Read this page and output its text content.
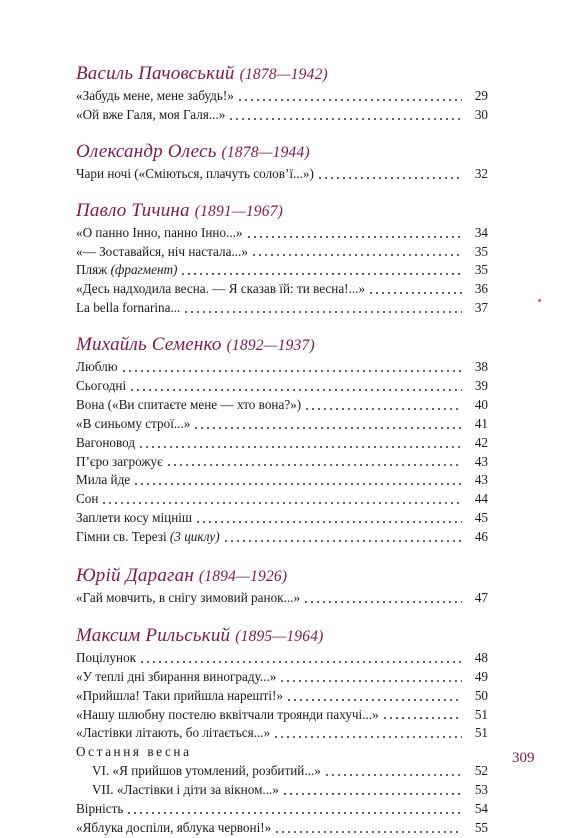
Василь Пачовський (1878—1942)
«Забудь мене, мене забудь!»	29
«Ой вже Галя, моя Галя...»	30
Олександр Олесь (1878—1944)
Чари ночі («Сміються, плачуть солов’ї...»)	32
Павло Тичина (1891—1967)
«О панно Інно, панно Інно...»	34
«— Зоставайся, ніч настала...»	35
Пляж (фрагмент)	35
«Десь надходила весна. — Я сказав їй: ти весна!...»	36
La bella fornarina...	37
Михайль Семенко (1892—1937)
Люблю	38
Сьогодні	39
Вона («Ви спитаєте мене — хто вона?»)	40
«В синьому строї...»	41
Вагоновод	42
П’єро загрожує	43
Мила йде	43
Сон	44
Заплети косу міцніш	45
Гімни св. Терезі (3 циклу)	46
Юрій Дараган (1894—1926)
«Гай мовчить, в снігу зимовий ранок...»	47
Максим Рильський (1895—1964)
Поцілунок	48
«У теплі дні збирання винограду...»	49
«Прийшла! Таки прийшла нарешті!»	50
«Нашу шлюбну постелю вквітчали троянди пахучі...»	51
«Ластівки літають, бо літається...»	51
Остання весна
VI. «Я прийшов утомлений, розбитий...»	52
VII. «Ластівки і діти за вікном...»	53
Вірність	54
«Яблука доспіли, яблука червоні!»	55
309
